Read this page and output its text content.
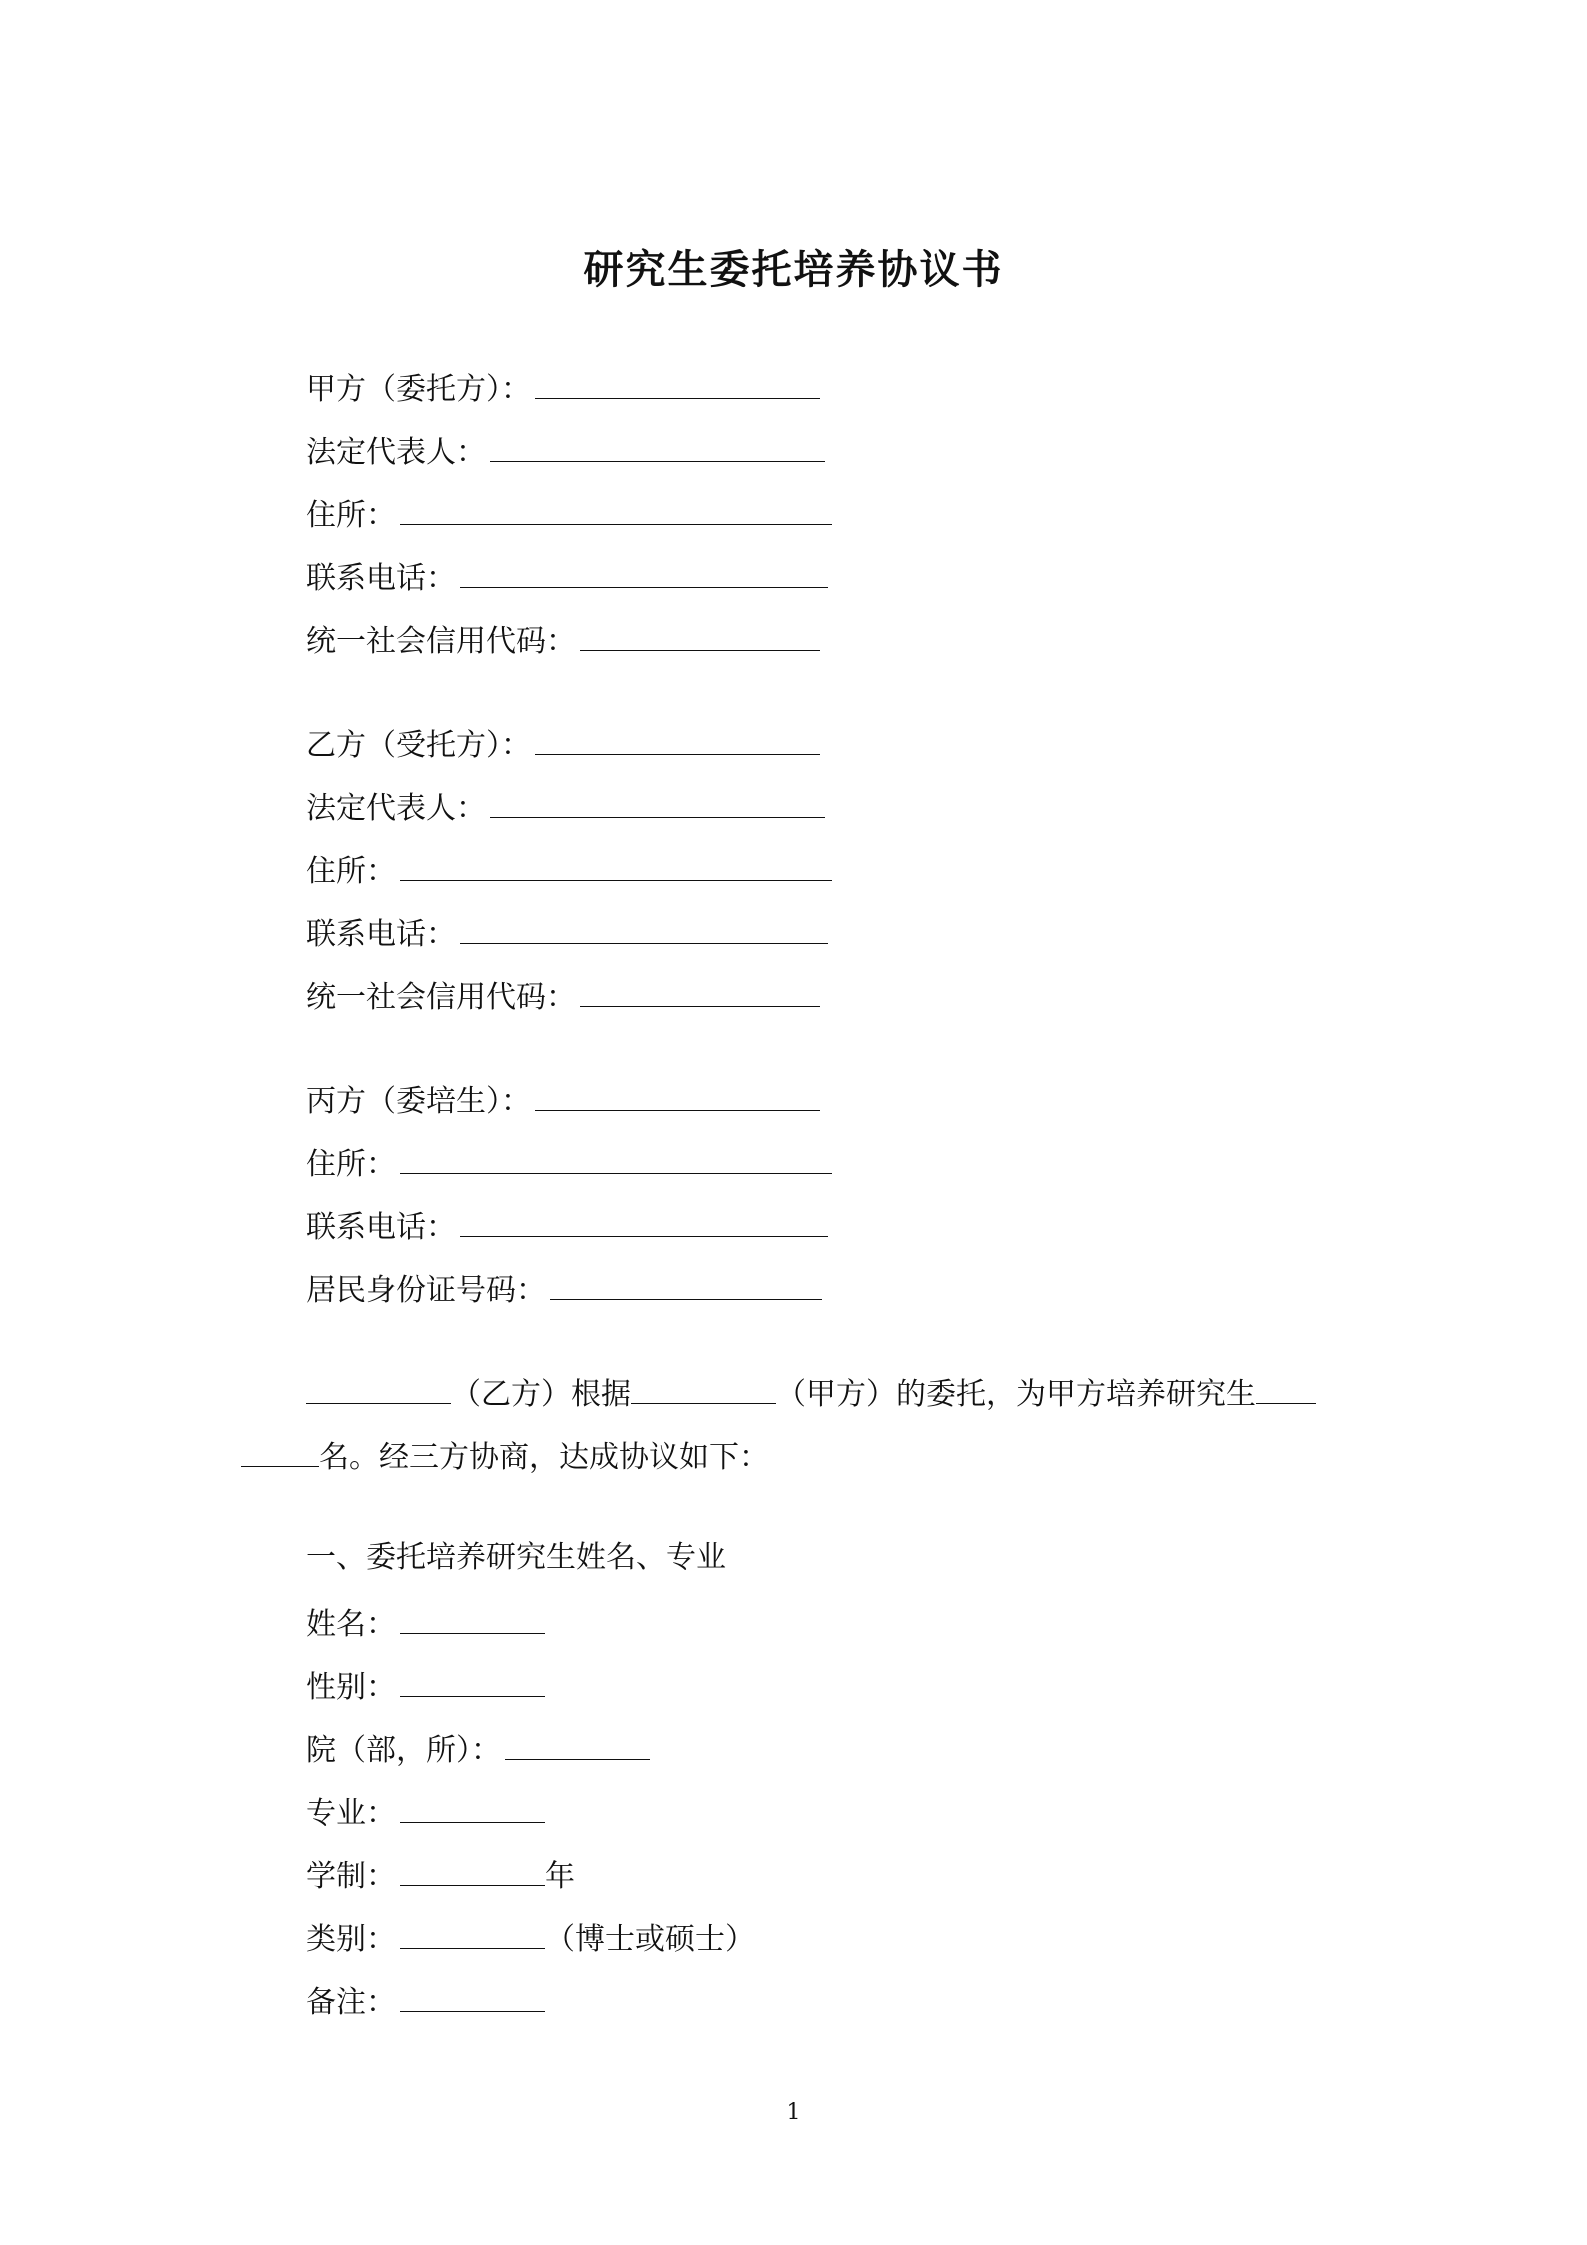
研究生委托培养协议书
甲方（委托方）：
法定代表人：
住所：
联系电话：
统一社会信用代码：
乙方（受托方）：
法定代表人：
住所：
联系电话：
统一社会信用代码：
丙方（委培生）：
住所：
联系电话：
居民身份证号码：
（乙方）根据	（甲方）的委托，为甲方培养研究生
名。经三方协商，达成协议如下：
一、委托培养研究生姓名、专业
姓名：
性别：
院（部，所）：
专业：
学制：	年
类别：	（博士或硕士）
备注：
1
